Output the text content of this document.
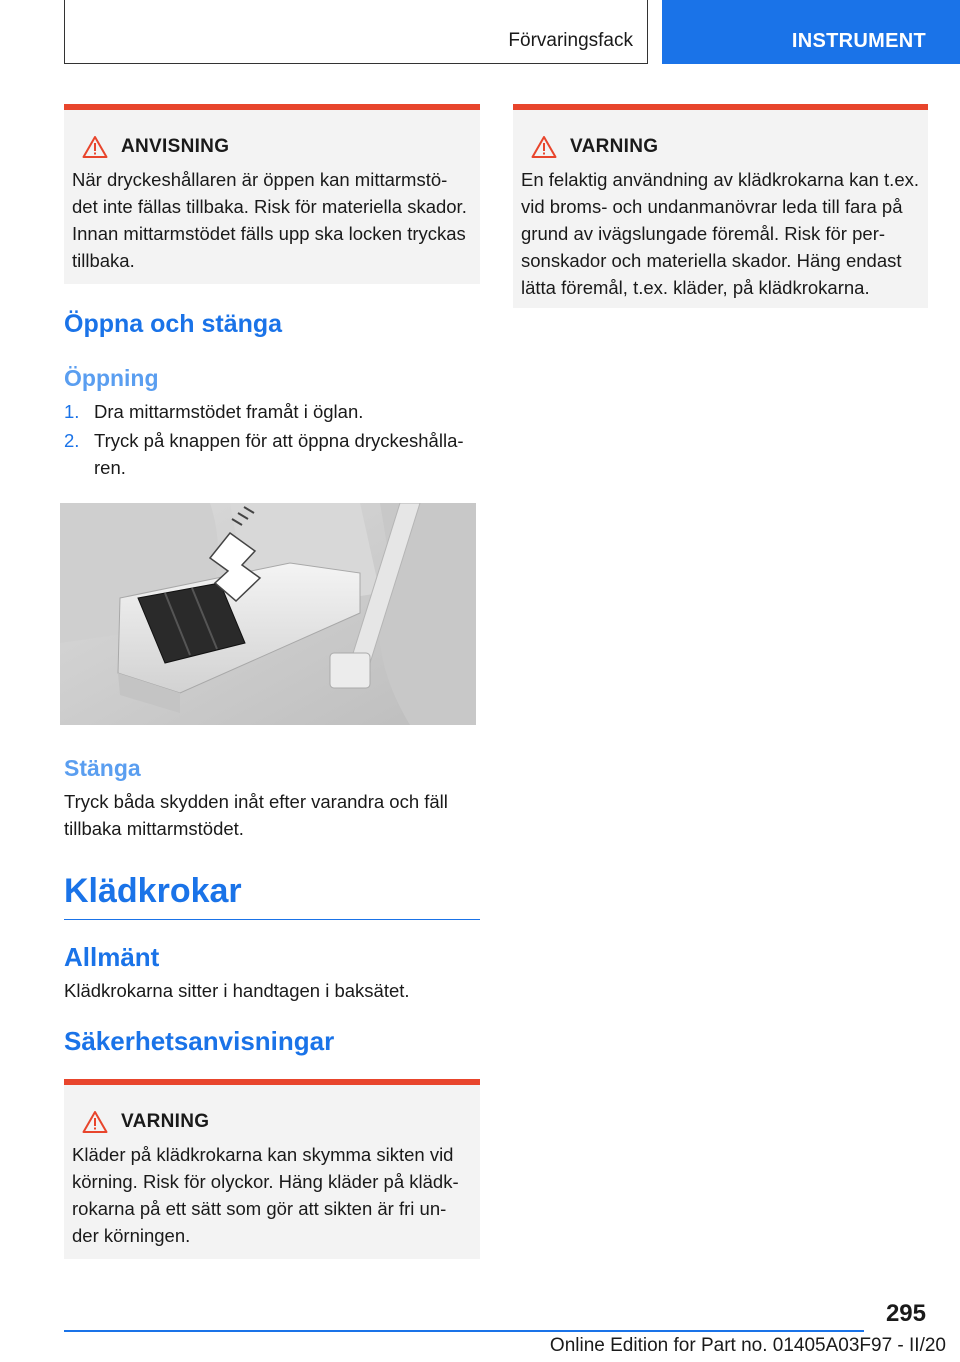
Förvaringsfack	INSTRUMENT
ANVISNING
När dryckeshållaren är öppen kan mittarmstö-det inte fällas tillbaka. Risk för materiella skador. Innan mittarmstödet fälls upp ska locken tryckas tillbaka.
Öppna och stänga
Öppning
1. Dra mittarmstödet framåt i öglan.
2. Tryck på knappen för att öppna dryckeshålla-ren.
Stänga

Tryck båda skydden inåt efter varandra och fäll tillbaka mittarmstödet.

Klädkrokar
Allmänt

Klädkrokarna sitter i handtagen i baksätet.

Säkerhetsanvisningar
VARNING
Kläder på klädkrokarna kan skymma sikten vid körning. Risk för olyckor. Häng kläder på klädk-rokarna på ett sätt som gör att sikten är fri un-der körningen.
VARNING
En felaktig användning av klädkrokarna kan t.ex. vid broms- och undanmanövrar leda till fara på grund av ivägslungade föremål. Risk för per-sonskador och materiella skador. Häng endast lätta föremål, t.ex. kläder, på klädkrokarna.
295
Online Edition for Part no. 01405A03F97 - II/20
